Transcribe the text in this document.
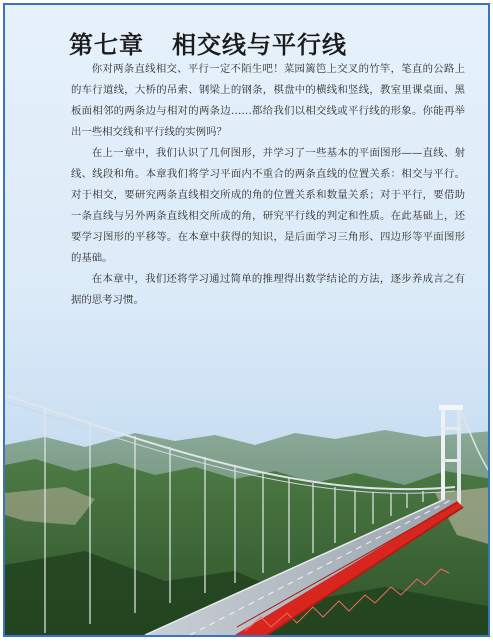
第七章 相交线与平行线

你对两条直线相交、平行一定不陌生吧！菜园篱笆上交叉的竹竿，笔直的公路上的车行道线，大桥的吊索、钢梁上的钢条，棋盘中的横线和竖线，教室里课桌面、黑板面相邻的两条边与相对的两条边……都给我们以相交线或平行线的形象。你能再举出一些相交线和平行线的实例吗？

在上一章中，我们认识了几何图形，并学习了一些基本的平面图形——直线、射线、线段和角。本章我们将学习平面内不重合的两条直线的位置关系：相交与平行。对于相交，要研究两条直线相交所成的角的位置关系和数量关系；对于平行，要借助一条直线与另外两条直线相交所成的角，研究平行线的判定和性质。在此基础上，还要学习图形的平移等。在本章中获得的知识，是后面学习三角形、四边形等平面图形的基础。

在本章中，我们还将学习通过简单的推理得出数学结论的方法，逐步养成言之有据的思考习惯。
